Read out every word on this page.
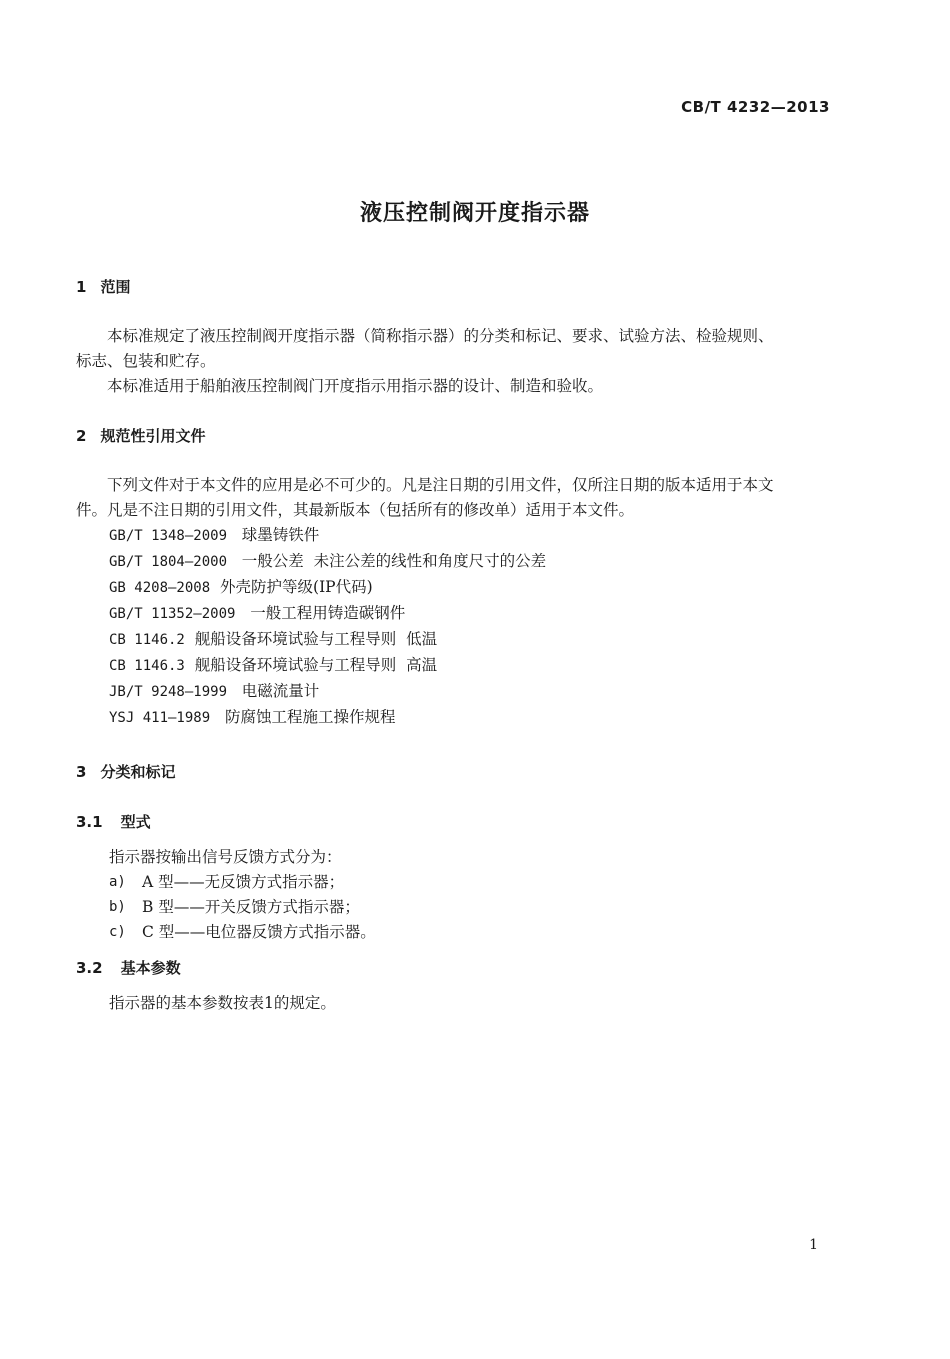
CB/T 4232—2013
液压控制阀开度指示器
1 范围
本标准规定了液压控制阀开度指示器（简称指示器）的分类和标记、要求、试验方法、检验规则、
标志、包装和贮存。
本标准适用于船舶液压控制阀门开度指示用指示器的设计、制造和验收。
2 规范性引用文件
下列文件对于本文件的应用是必不可少的。凡是注日期的引用文件，仅所注日期的版本适用于本文
件。凡是不注日期的引用文件，其最新版本（包括所有的修改单）适用于本文件。
GB/T 1348—2009 球墨铸铁件
GB/T 1804—2000 一般公差  未注公差的线性和角度尺寸的公差
GB 4208—2008 外壳防护等级(IP代码)
GB/T 11352—2009 一般工程用铸造碳钢件
CB 1146.2 舰船设备环境试验与工程导则  低温
CB 1146.3 舰船设备环境试验与工程导则  高温
JB/T 9248—1999 电磁流量计
YSJ 411—1989 防腐蚀工程施工操作规程
3 分类和标记
3.1 型式
指示器按输出信号反馈方式分为：
a)	A 型——无反馈方式指示器；
b)	B 型——开关反馈方式指示器；
c)	C 型——电位器反馈方式指示器。
3.2 基本参数
指示器的基本参数按表1的规定。
1
